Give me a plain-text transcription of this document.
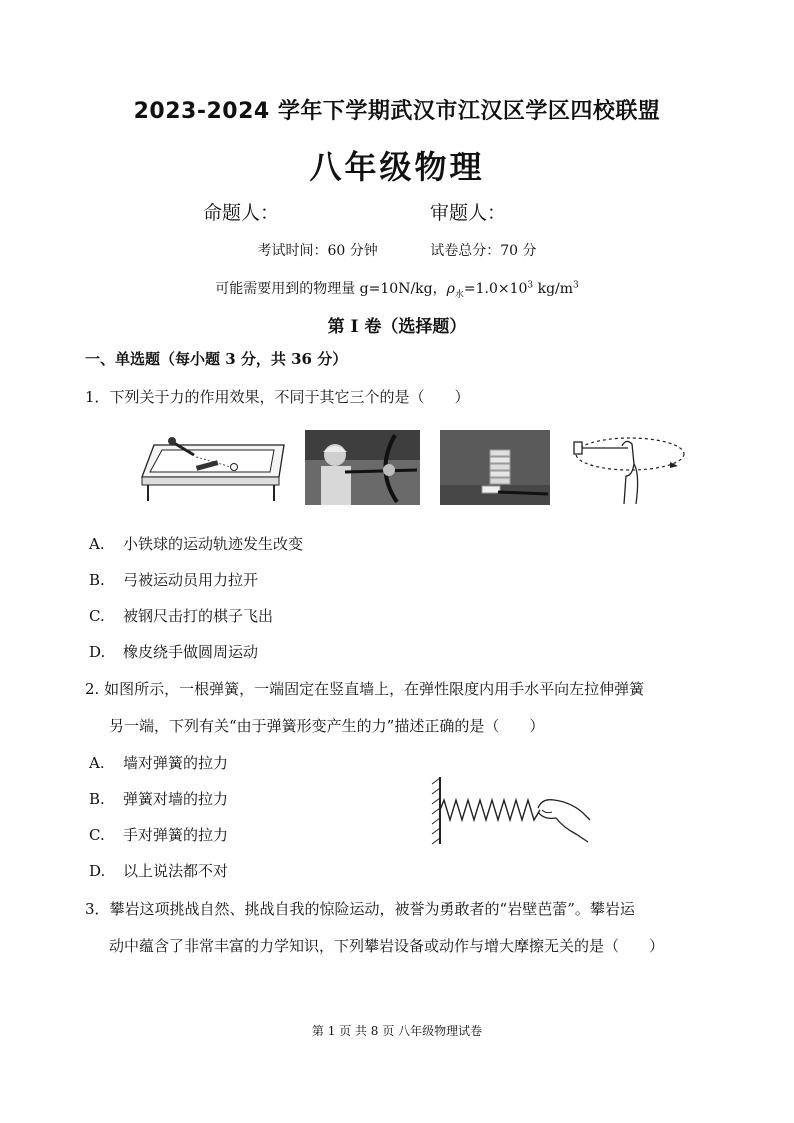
2023-2024 学年下学期武汉市江汉区学区四校联盟
八年级物理
命题人：	审题人：
考试时间：60 分钟	试卷总分：70 分
可能需要用到的物理量 g=10N/kg，$\rho_水=1.0\times 10^3$ $kg/m^3$
第 I 卷（选择题）
一、单选题（每小题 3 分，共 36 分）
1．下列关于力的作用效果，不同于其它三个的是（　　）
A. 小铁球的运动轨迹发生改变
B. 弓被运动员用力拉开
C. 被钢尺击打的棋子飞出
D. 橡皮绕手做圆周运动
2. 如图所示，一根弹簧，一端固定在竖直墙上，在弹性限度内用手水平向左拉伸弹簧
另一端，下列有关“由于弹簧形变产生的力”描述正确的是（　　）
A. 墙对弹簧的拉力
B. 弹簧对墙的拉力
C. 手对弹簧的拉力
D. 以上说法都不对
3．攀岩这项挑战自然、挑战自我的惊险运动，被誉为勇敢者的“岩壁芭蕾”。攀岩运
动中蕴含了非常丰富的力学知识，下列攀岩设备或动作与增大摩擦无关的是（　　）
第 1 页 共 8 页 八年级物理试卷
